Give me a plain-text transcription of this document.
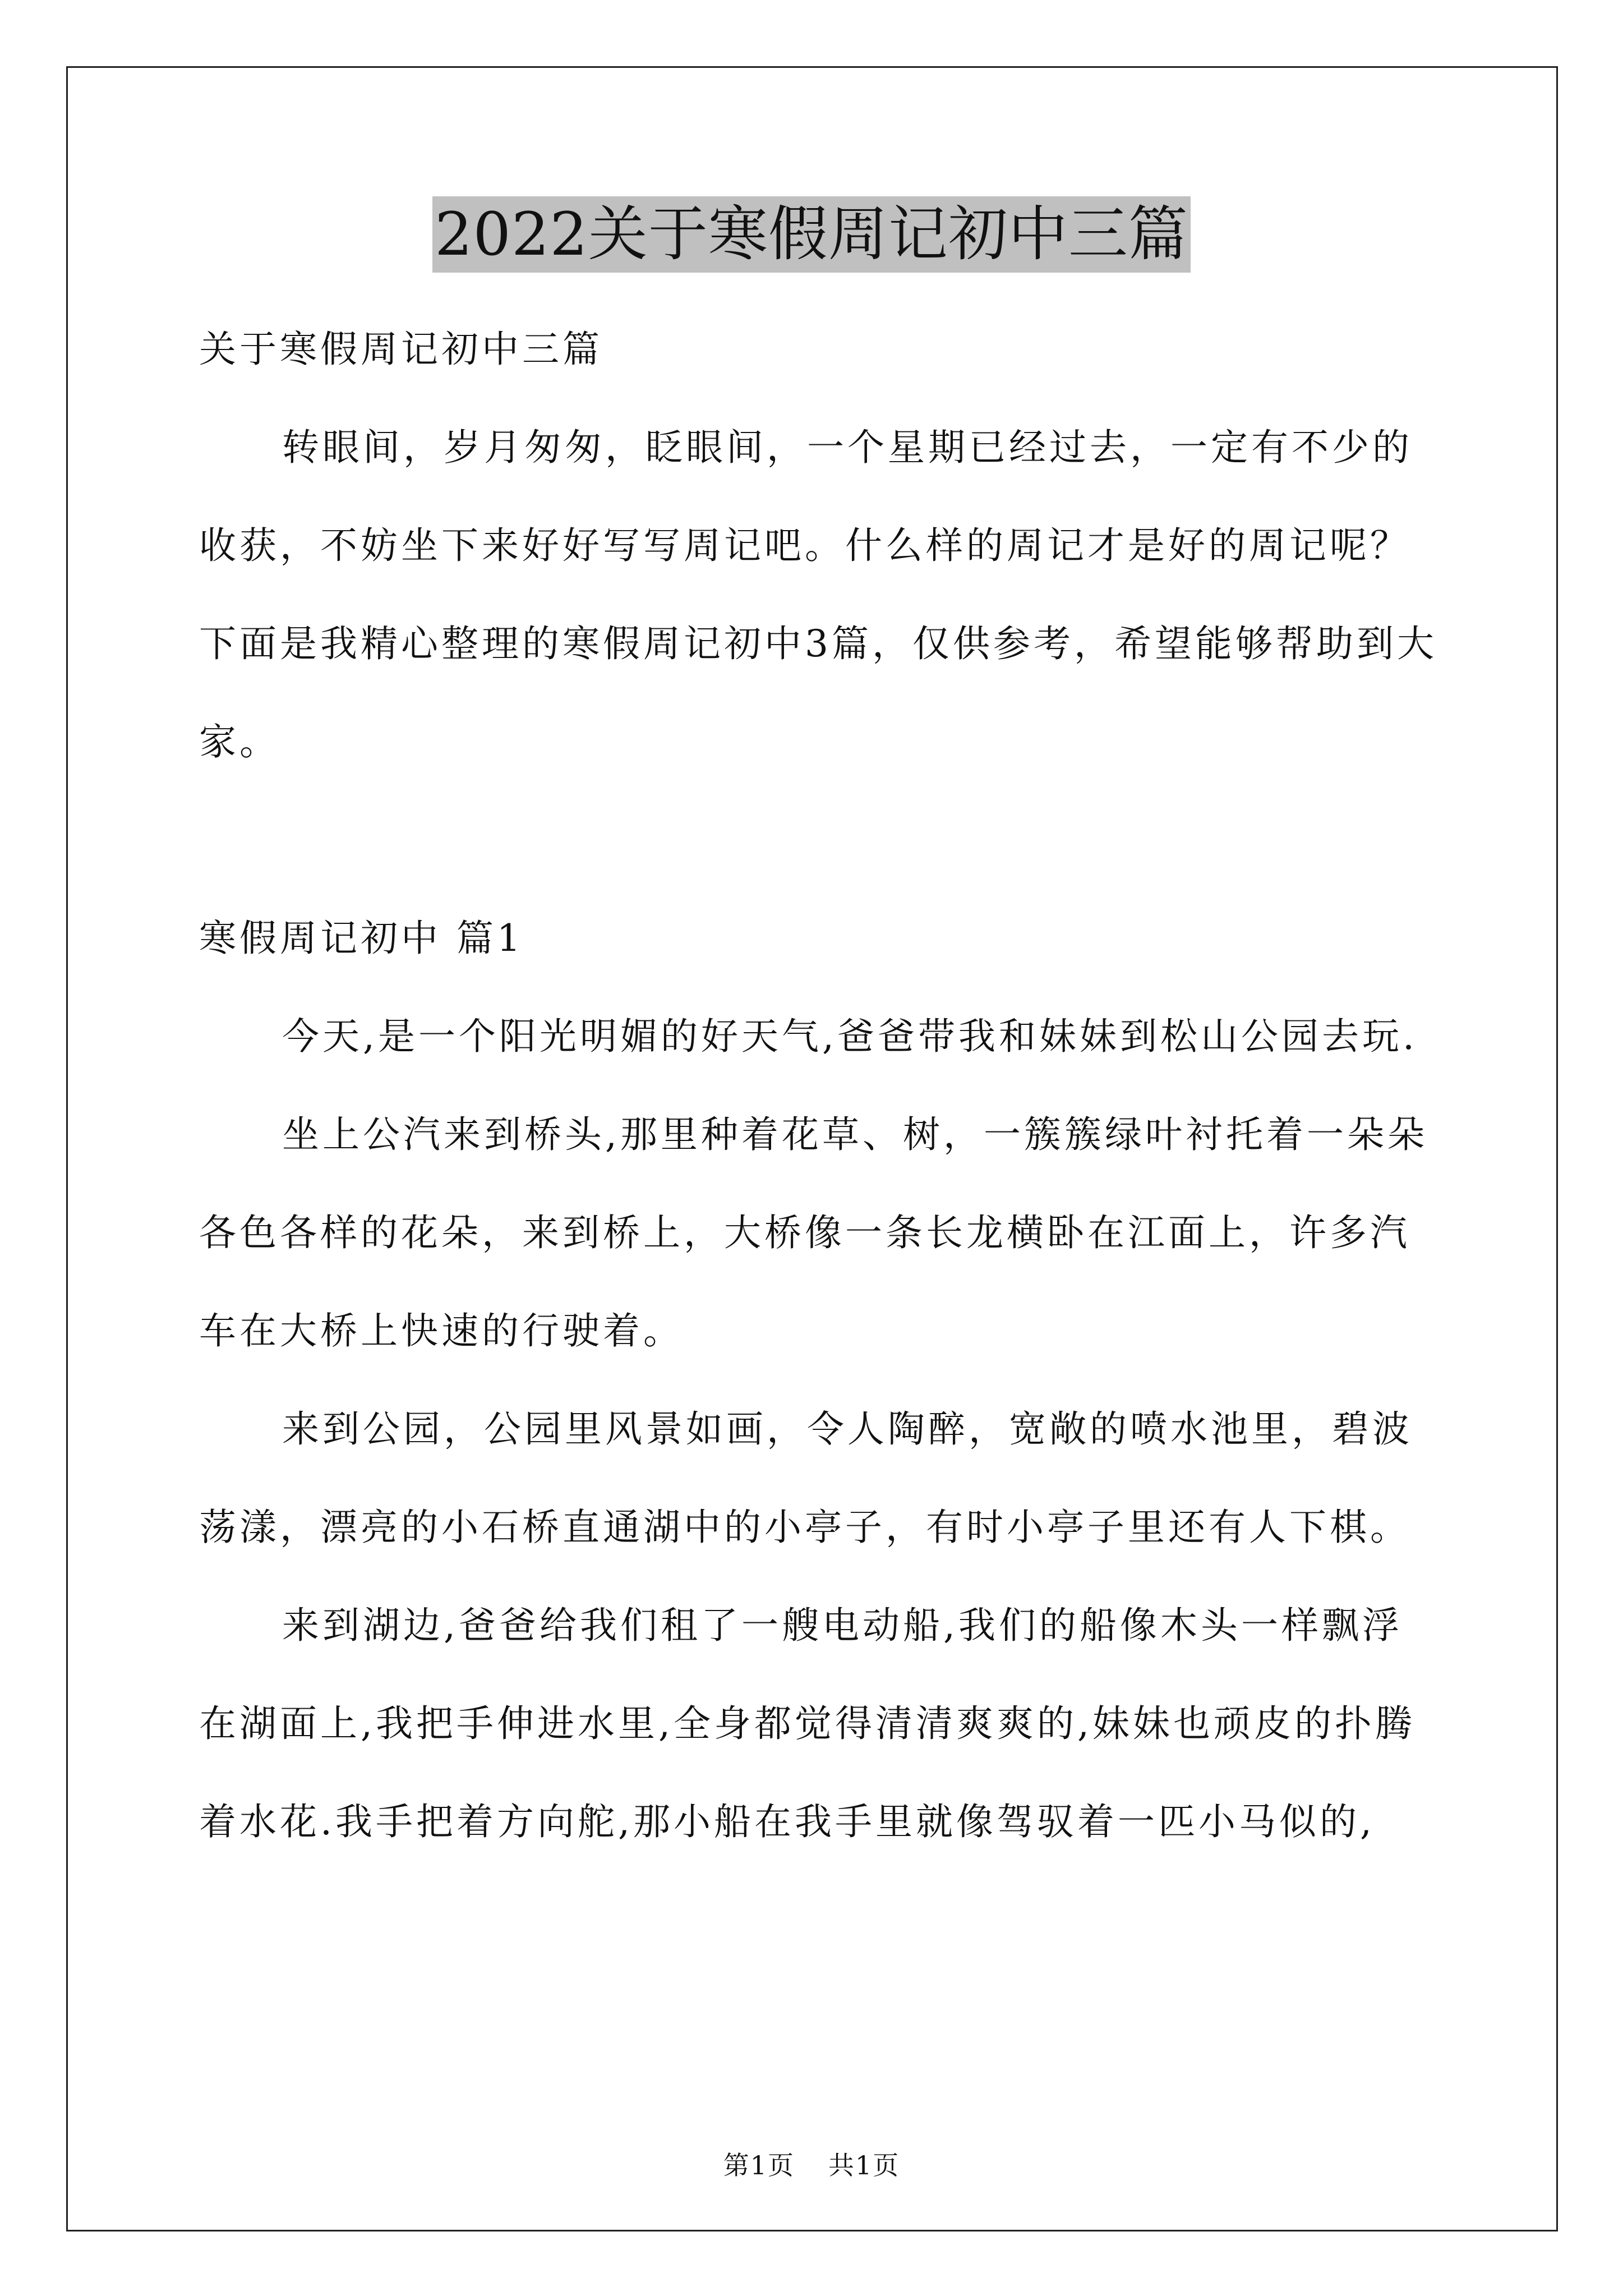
2022关于寒假周记初中三篇

关于寒假周记初中三篇

转眼间，岁月匆匆，眨眼间，一个星期已经过去，一定有不少的收获，不妨坐下来好好写写周记吧。什么样的周记才是好的周记呢？下面是我精心整理的寒假周记初中3篇，仅供参考，希望能够帮助到大家。

寒假周记初中 篇1

今天,是一个阳光明媚的好天气,爸爸带我和妹妹到松山公园去玩.

坐上公汽来到桥头,那里种着花草、树，一簇簇绿叶衬托着一朵朵各色各样的花朵，来到桥上，大桥像一条长龙横卧在江面上，许多汽车在大桥上快速的行驶着。

来到公园，公园里风景如画，令人陶醉，宽敞的喷水池里，碧波荡漾，漂亮的小石桥直通湖中的小亭子，有时小亭子里还有人下棋。

来到湖边,爸爸给我们租了一艘电动船,我们的船像木头一样飘浮在湖面上,我把手伸进水里,全身都觉得清清爽爽的,妹妹也顽皮的扑腾着水花.我手把着方向舵,那小船在我手里就像驾驭着一匹小马似的,

第1页 共1页
